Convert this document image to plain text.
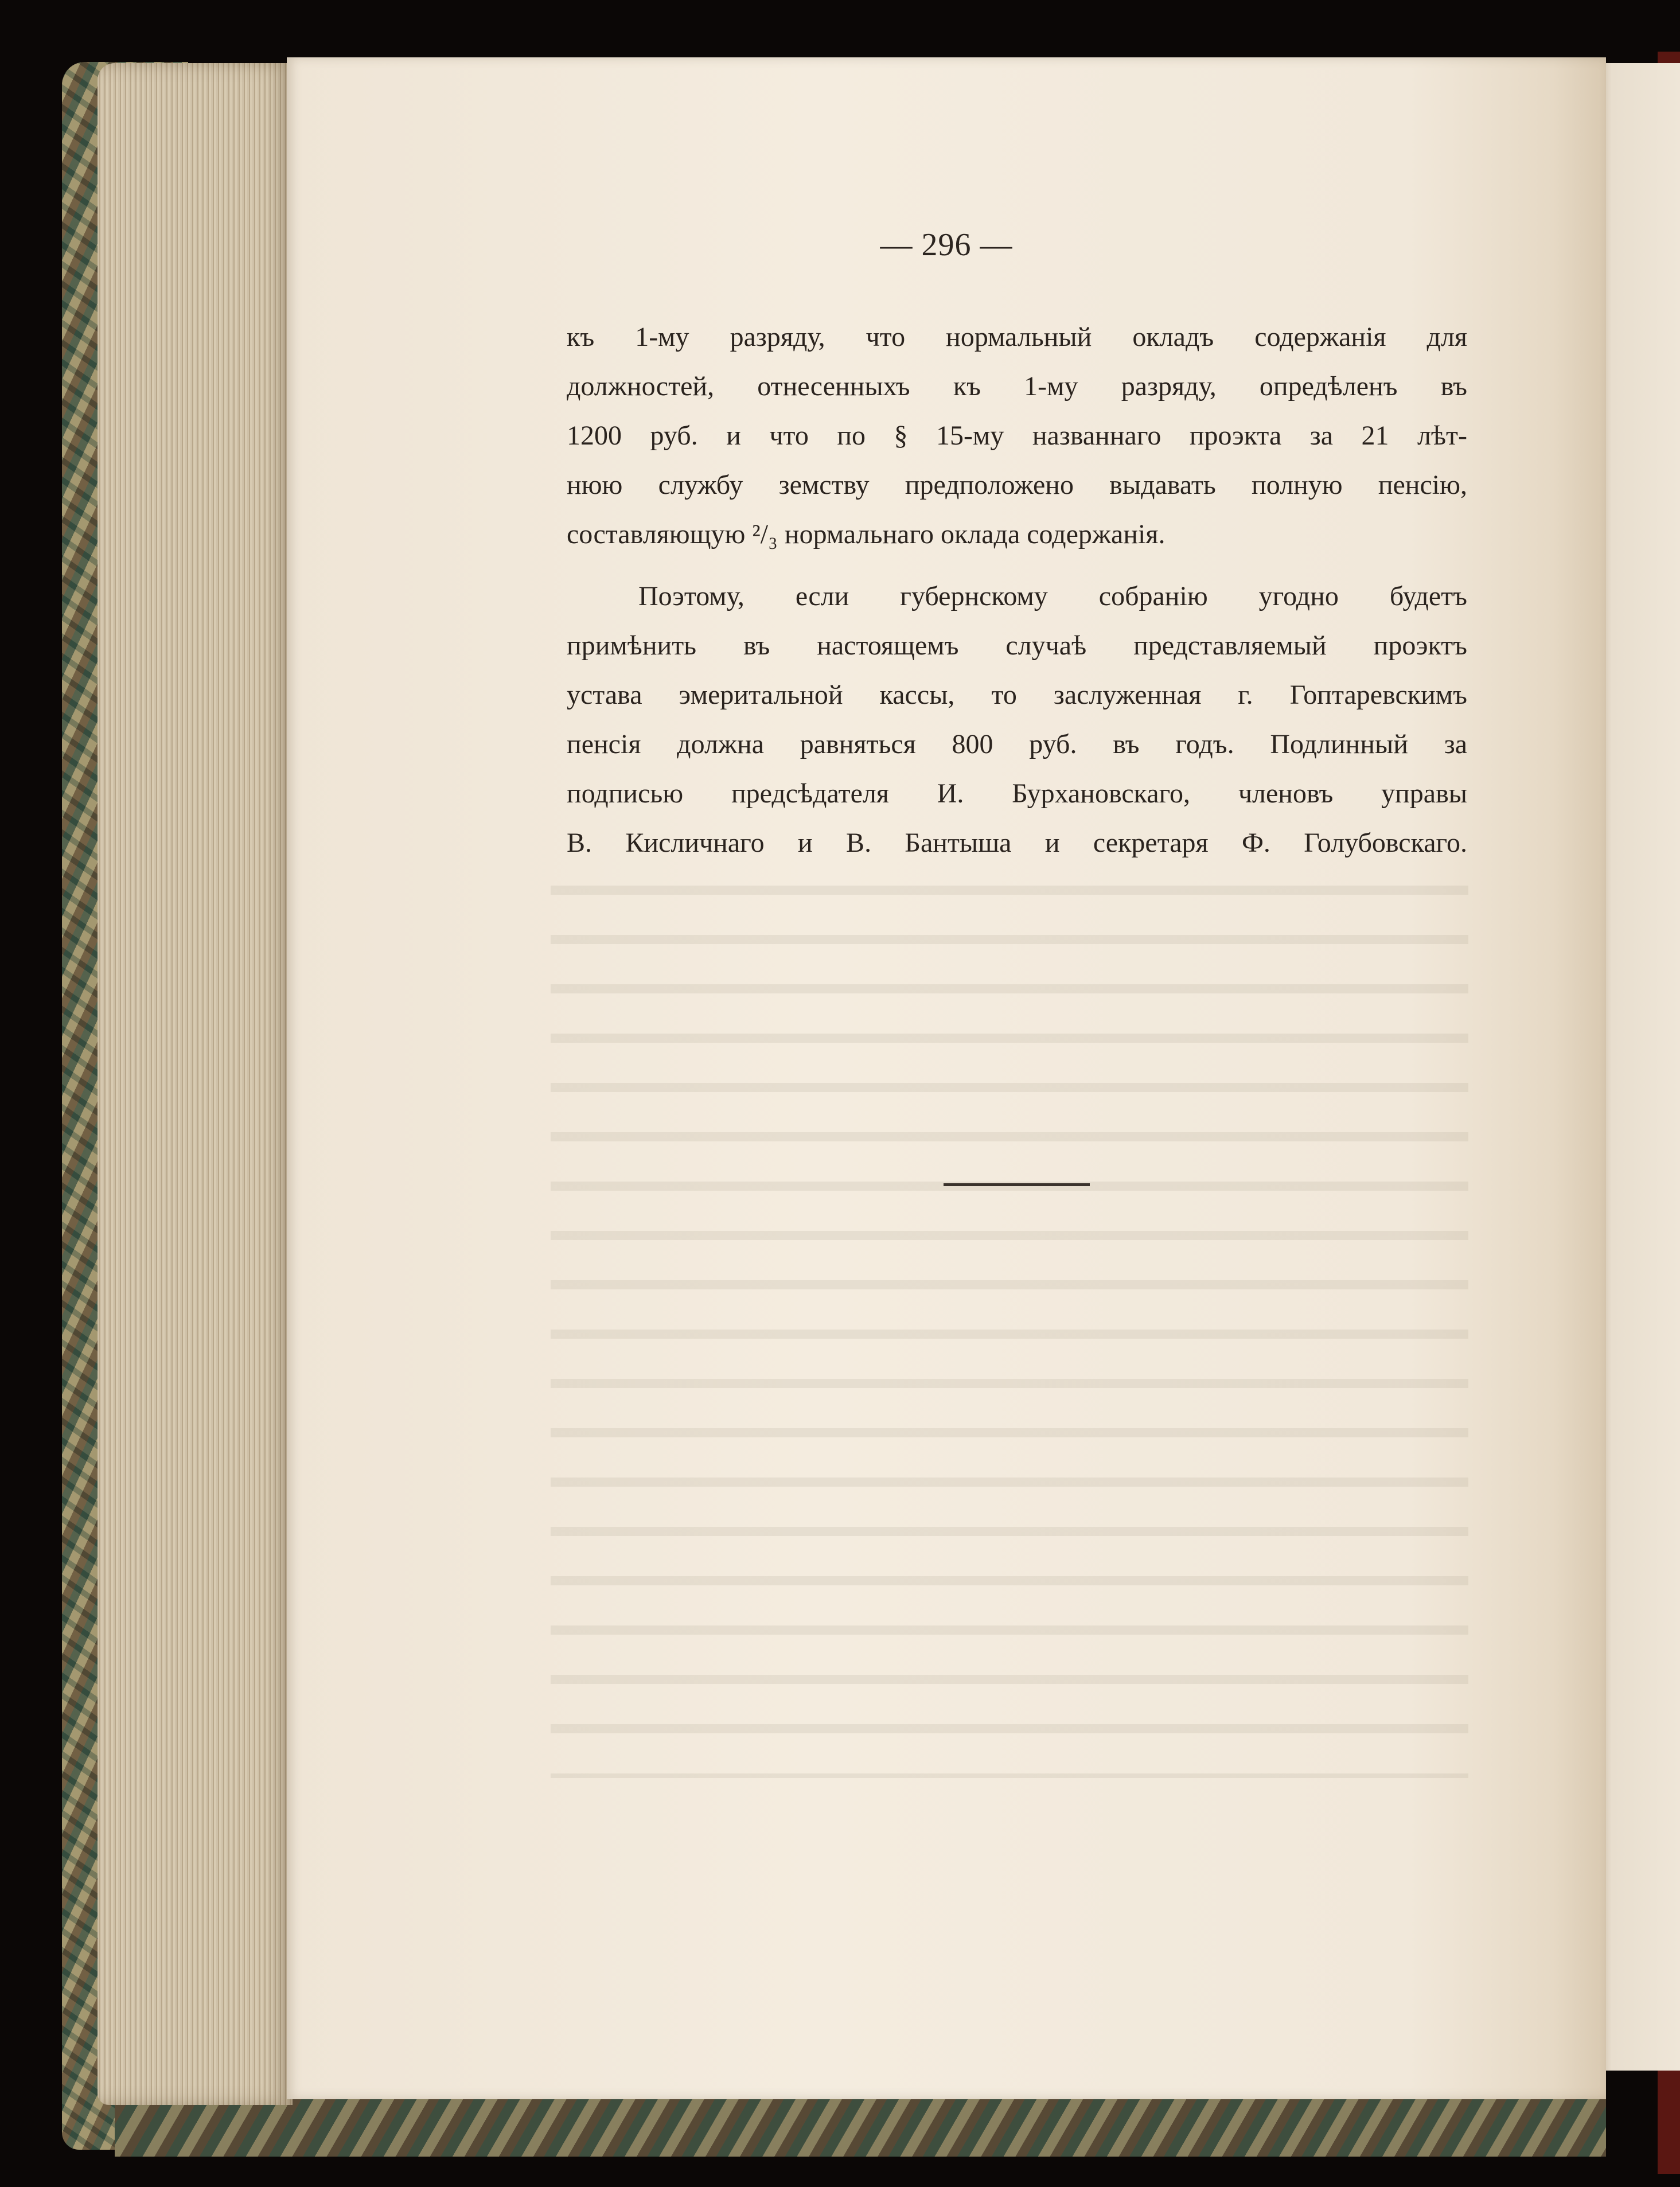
— 296 —
къ 1-му разряду, что нормальный окладъ содержанія для
должностей, отнесенныхъ къ 1-му разряду, опредѣленъ въ
1200 руб. и что по § 15-му названнаго проэкта за 21 лѣт-
нюю службу земству предположено выдавать полную пенсію,
составляющую ²/₃ нормальнаго оклада содержанія.
Поэтому, если губернскому собранію угодно будетъ
примѣнить въ настоящемъ случаѣ представляемый проэктъ
устава эмеритальной кассы, то заслуженная г. Гоптаревскимъ
пенсія должна равняться 800 руб. въ годъ. Подлинный за
подписью предсѣдателя И. Бурхановскаго, членовъ управы
В. Кисличнаго и В. Бантыша и секретаря Ф. Голубовскаго.
